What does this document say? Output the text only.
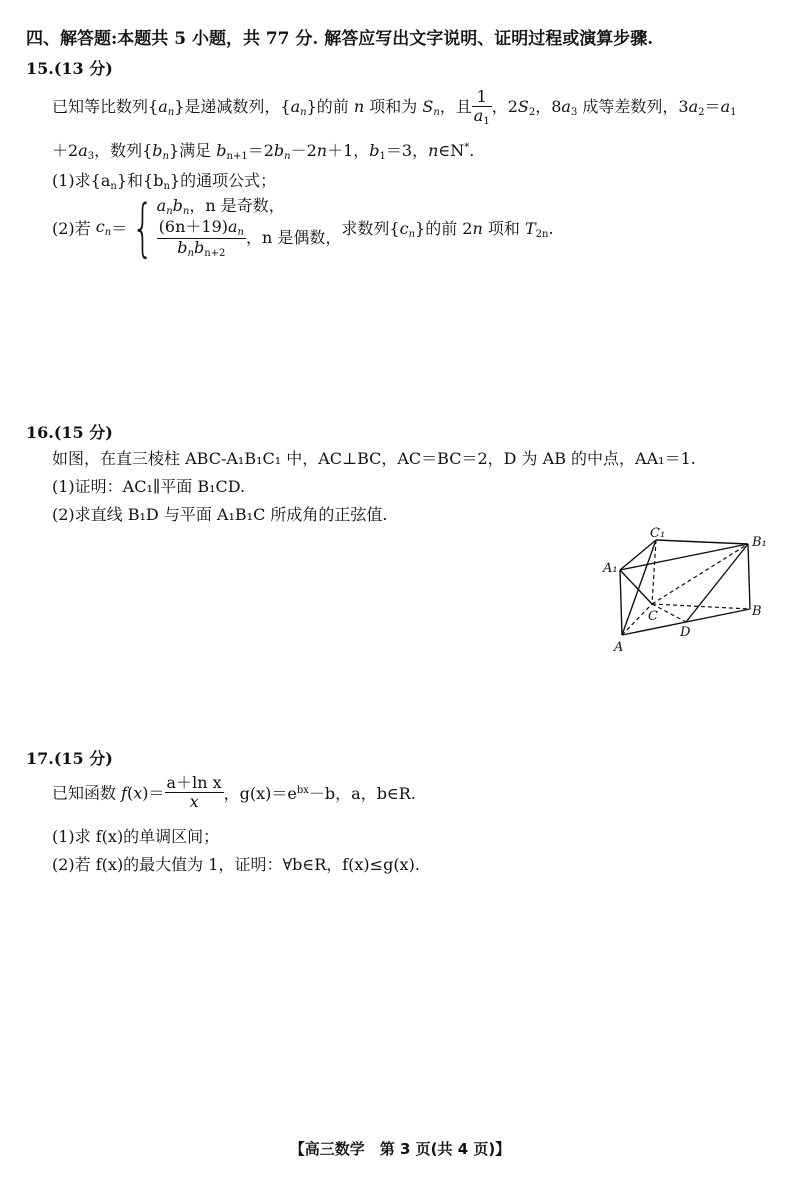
四、解答题:本题共 5 小题，共 77 分. 解答应写出文字说明、证明过程或演算步骤.
15.(13 分)
已知等比数列$\{a_n\}$是递减数列，$\{a_n\}$的前 n 项和为 $S_n$，且 $\frac{1}{a_1}$ ，$2S_2$，$8a_3$ 成等差数列，$3a_2=a_1$
$+2a_3$，数列$\{b_n\}$满足 $b_{n+1}=2b_n-2n+1$，$b_1=3$，n∈N*.
(1)求$\{a_n\}$和$\{b_n\}$的通项公式；
(2)若 $c_n=${ $a_nb_n$，n 是奇数，
$\frac{(6n+19)a_n}{b_nb_{n+2}}$ ，n 是偶数， 求数列$\{c_n\}$的前 2n 项和 $T_{2n}$.
16.(15 分)
如图，在直三棱柱 ABC-A₁B₁C₁ 中，AC⊥BC，AC＝BC＝2，D 为 AB 的中点，AA₁＝1.
(1)证明：AC₁∥平面 B₁CD.
(2)求直线 B₁D 与平面 A₁B₁C 所成角的正弦值.
C₁
B₁
A₁
C	B
D
A
17.(15 分)
已知函数 $f(x)= \frac{\text{a＋ln x}}{x}$ ，$g(x)=e^{bx}-b$，a，b∈R.
(1)求 f(x)的单调区间；
(2)若 f(x)的最大值为 1，证明：∀b∈R，f(x)≤g(x).
【高三数学　第 3 页(共 4 页)】
